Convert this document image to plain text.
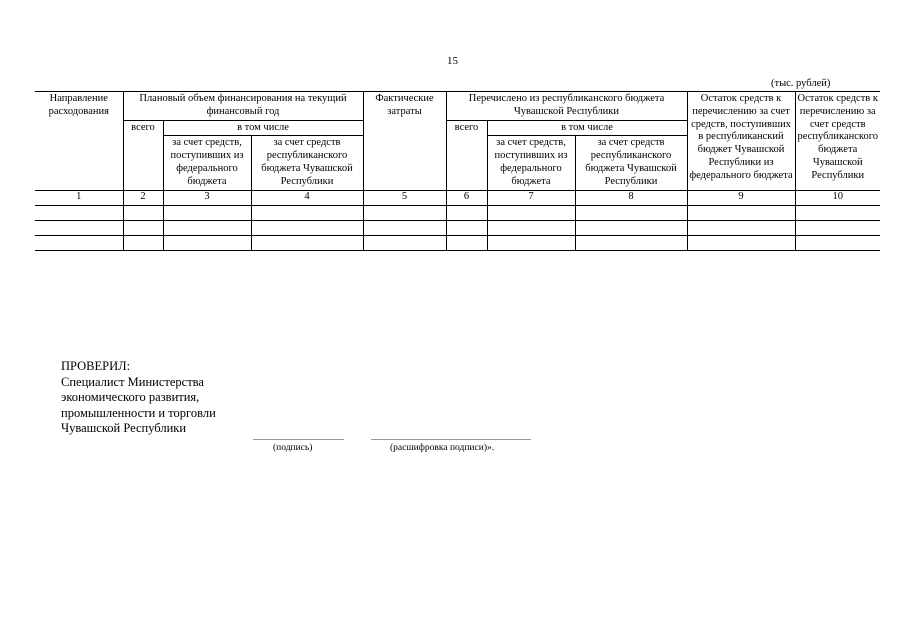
15
(тыс. рублей)
Направление расходования	Плановый объем финансирования на текущий финансовый год			Фактические затраты	Перечислено из республиканского бюджета Чувашской Республики			Остаток средств к перечислению за счет средств, поступивших в республиканский бюджет Чувашской Республики из федерального бюджета	Остаток средств к перечислению за счет средств республиканского бюджета Чувашской Республики
	всего	в том числе			всего	в том числе			
		за счет средств, поступивших из федерального бюджета	за счет средств республиканского бюджета Чувашской Республики			за счет средств, поступивших из федерального бюджета	за счет средств республиканского бюджета Чувашской Республики		
1	2	3	4	5	6	7	8	9	10

ПРОВЕРИЛ:
Специалист Министерства
экономического развития,
промышленности и торговли
Чувашской Республики
(подпись)	(расшифровка подписи)».
